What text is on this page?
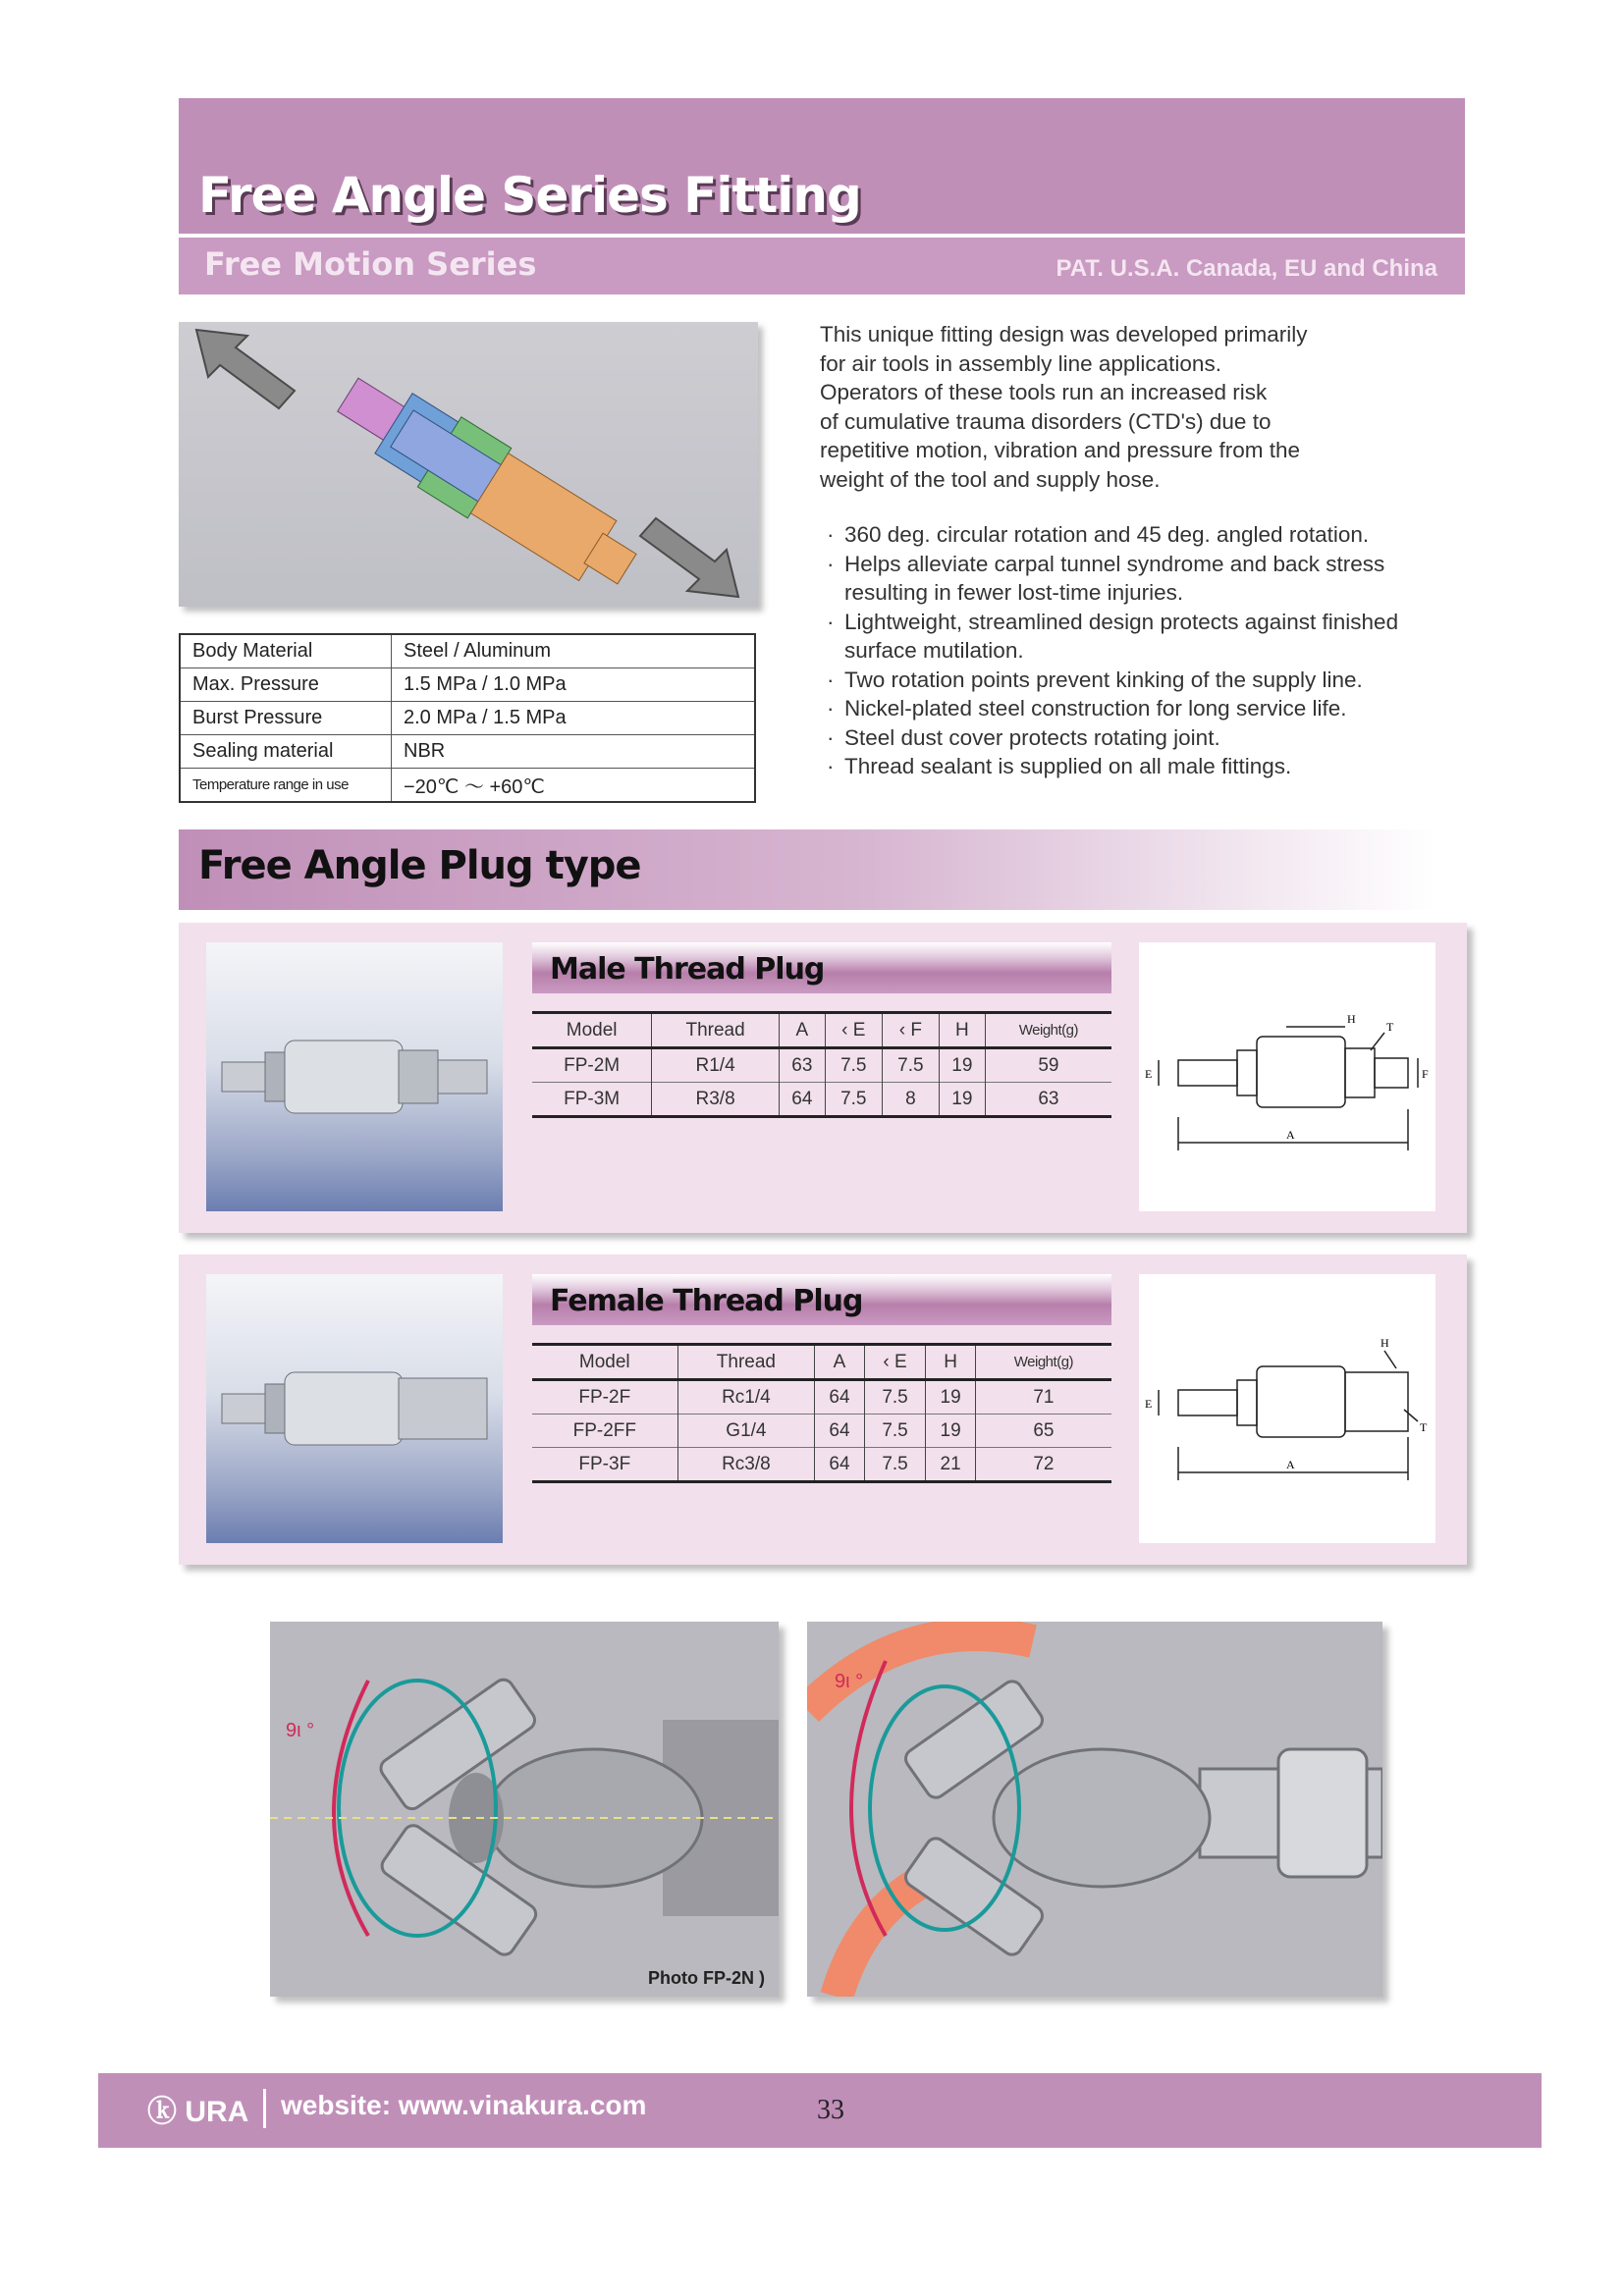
Free Angle Series Fitting
Free Motion Series	PAT. U.S.A. Canada, EU and China
Body Material	Steel / Aluminum
Max. Pressure	1.5 MPa / 1.0 MPa
Burst Pressure	2.0 MPa / 1.5 MPa
Sealing material	NBR
Temperature range in use	−20℃ ～ +60℃
This unique fitting design was developed primarily
for air tools in assembly line applications.
Operators of these tools run an increased risk
of cumulative trauma disorders (CTD's) due to
repetitive motion, vibration and pressure from the
weight of the tool and supply hose.
· 360 deg. circular rotation and 45 deg. angled rotation.
· Helps alleviate carpal tunnel syndrome and back stress resulting in fewer lost-time injuries.
· Lightweight, streamlined design protects against finished surface mutilation.
· Two rotation points prevent kinking of the supply line.
· Nickel-plated steel construction for long service life.
· Steel dust cover protects rotating joint.
· Thread sealant is supplied on all male fittings.
Free Angle Plug type
Male Thread Plug
Model	Thread	A	‹ E	‹ F	H	Weight(g)
FP-2M	R1/4	63	7.5	7.5	19	59
FP-3M	R3/8	64	7.5	8	19	63
A
E	F
H
T
Female Thread Plug
Model	Thread	A	‹ E	H	Weight(g)
FP-2F	Rc1/4	64	7.5	19	71
FP-2FF	G1/4	64	7.5	19	65
FP-3F	Rc3/8	64	7.5	21	72	A
E
H
T
9ι °
Photo FP-2Ν )
9ι °
ⓚ URA website: www.vinakura.com	33
